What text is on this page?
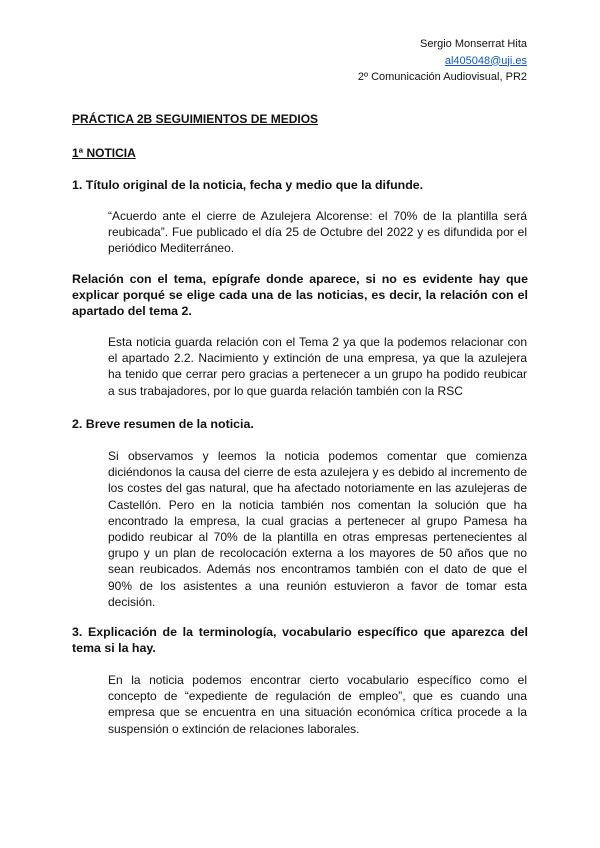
Sergio Monserrat Hita
al405048@uji.es
2º Comunicación Audiovisual, PR2
PRÁCTICA 2B SEGUIMIENTOS DE MEDIOS
1ª NOTICIA
1. Título original de la noticia, fecha y medio que la difunde.
“Acuerdo ante el cierre de Azulejera Alcorense: el 70% de la plantilla será reubicada”. Fue publicado el día 25 de Octubre del 2022 y es difundida por el periódico Mediterráneo.
Relación con el tema, epígrafe donde aparece, si no es evidente hay que explicar porqué se elige cada una de las noticias, es decir, la relación con el apartado del tema 2.
Esta noticia guarda relación con el Tema 2 ya que la podemos relacionar con el apartado 2.2. Nacimiento y extinción de una empresa, ya que la azulejera ha tenido que cerrar pero gracias a pertenecer a un grupo ha podido reubicar a sus trabajadores, por lo que guarda relación también con la RSC
2. Breve resumen de la noticia.
Si observamos y leemos la noticia podemos comentar que comienza diciéndonos la causa del cierre de esta azulejera y es debido al incremento de los costes del gas natural, que ha afectado notoriamente en las azulejeras de Castellón. Pero en la noticia también nos comentan la solución que ha encontrado la empresa, la cual gracias a pertenecer al grupo Pamesa ha podido reubicar al 70% de la plantilla en otras empresas pertenecientes al grupo y un plan de recolocación externa a los mayores de 50 años que no sean reubicados. Además nos encontramos también con el dato de que el 90% de los asistentes a una reunión estuvieron a favor de tomar esta decisión.
3. Explicación de la terminología, vocabulario específico que aparezca del tema si la hay.
En la noticia podemos encontrar cierto vocabulario específico como el concepto de “expediente de regulación de empleo”, que es cuando una empresa que se encuentra en una situación económica crítica procede a la suspensión o extinción de relaciones laborales.
